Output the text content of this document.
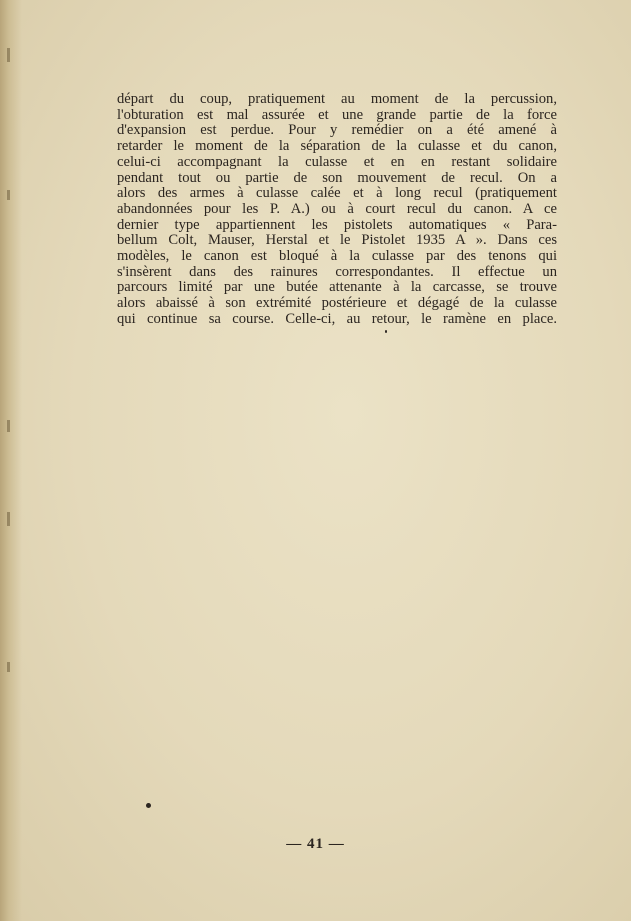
départ du coup, pratiquement au moment de la percussion,
l'obturation est mal assurée et une grande partie de la force
d'expansion est perdue. Pour y remédier on a été amené à
retarder le moment de la séparation de la culasse et du canon,
celui-ci accompagnant la culasse et en en restant solidaire
pendant tout ou partie de son mouvement de recul. On a
alors des armes à culasse calée et à long recul (pratiquement
abandonnées pour les P. A.) ou à court recul du canon. A ce
dernier type appartiennent les pistolets automatiques « Para-
bellum Colt, Mauser, Herstal et le Pistolet 1935 A ». Dans ces
modèles, le canon est bloqué à la culasse par des tenons qui
s'insèrent dans des rainures correspondantes. Il effectue un
parcours limité par une butée attenante à la carcasse, se trouve
alors abaissé à son extrémité postérieure et dégagé de la culasse
qui continue sa course. Celle-ci, au retour, le ramène en place.

— 41 —
